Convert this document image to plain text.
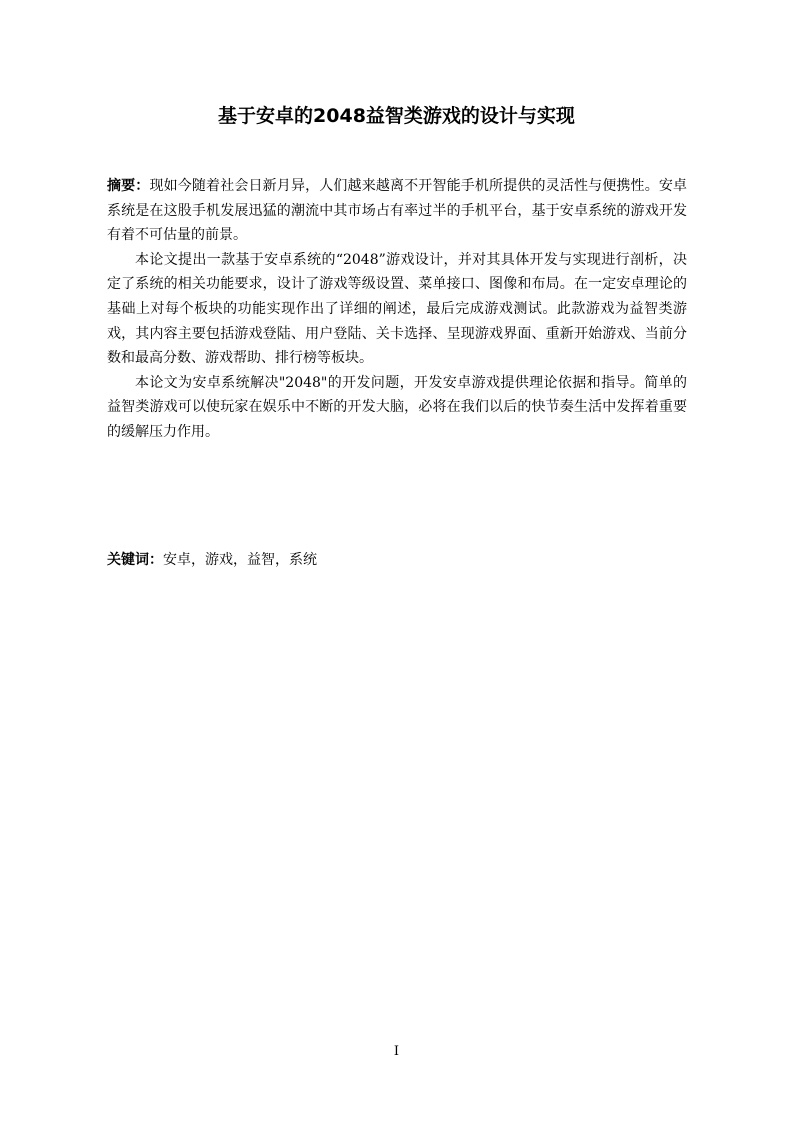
基于安卓的2048益智类游戏的设计与实现

摘要：现如今随着社会日新月异，人们越来越离不开智能手机所提供的灵活性与便携性。安卓系统是在这股手机发展迅猛的潮流中其市场占有率过半的手机平台，基于安卓系统的游戏开发有着不可估量的前景。

本论文提出一款基于安卓系统的“2048”游戏设计，并对其具体开发与实现进行剖析，决定了系统的相关功能要求，设计了游戏等级设置、菜单接口、图像和布局。在一定安卓理论的基础上对每个板块的功能实现作出了详细的阐述，最后完成游戏测试。此款游戏为益智类游戏，其内容主要包括游戏登陆、用户登陆、关卡选择、呈现游戏界面、重新开始游戏、当前分数和最高分数、游戏帮助、排行榜等板块。

本论文为安卓系统解决"2048"的开发问题，开发安卓游戏提供理论依据和指导。简单的益智类游戏可以使玩家在娱乐中不断的开发大脑，必将在我们以后的快节奏生活中发挥着重要的缓解压力作用。

关键词：安卓，游戏，益智，系统
I
